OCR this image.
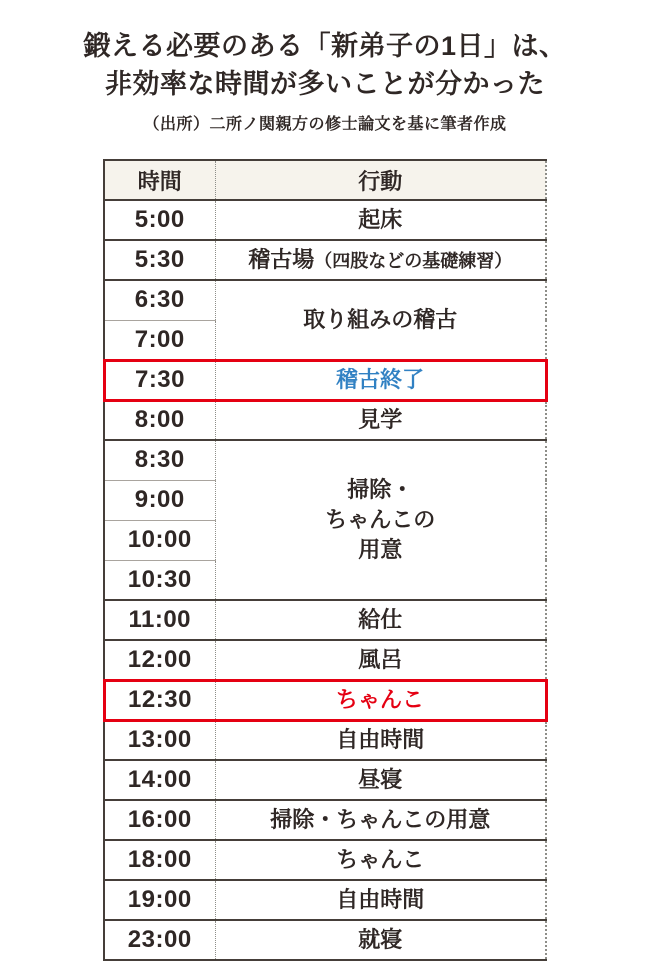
鍛える必要のある「新弟子の1日」は、
非効率な時間が多いことが分かった
（出所）二所ノ関親方の修士論文を基に筆者作成
時間	行動
5:00	起床
5:30	稽古場（四股などの基礎練習）
6:30	取り組みの稽古
7:00	
7:30	稽古終了
8:00	見学
8:30	掃除・
ちゃんこの
用意
9:00	
10:00	
10:30	
11:00	給仕
12:00	風呂
12:30	ちゃんこ
13:00	自由時間
14:00	昼寝
16:00	掃除・ちゃんこの用意
18:00	ちゃんこ
19:00	自由時間
23:00	就寝
